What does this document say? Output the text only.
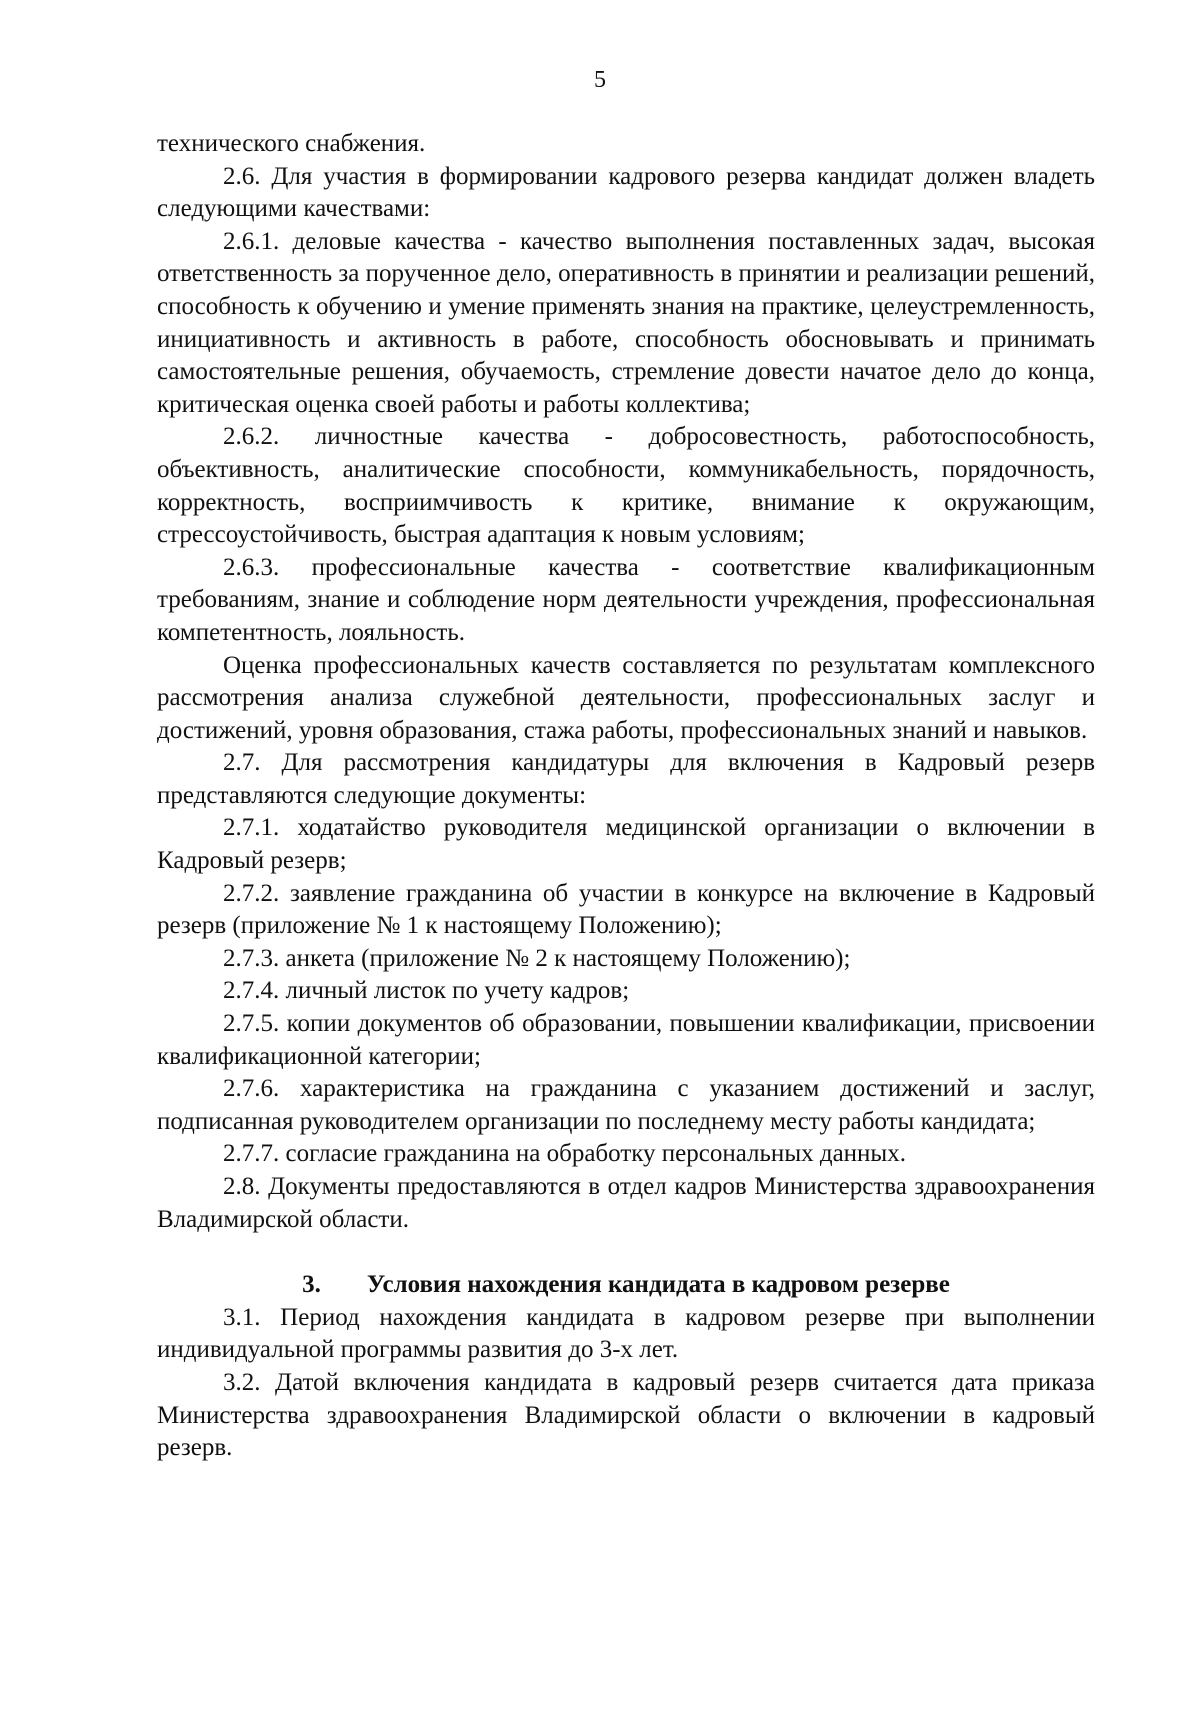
5

технического снабжения.

2.6. Для участия в формировании кадрового резерва кандидат должен владеть следующими качествами:

2.6.1. деловые качества - качество выполнения поставленных задач, высокая ответственность за порученное дело, оперативность в принятии и реализации решений, способность к обучению и умение применять знания на практике, целеустремленность, инициативность и активность в работе, способность обосновывать и принимать самостоятельные решения, обучаемость, стремление довести начатое дело до конца, критическая оценка своей работы и работы коллектива;

2.6.2. личностные качества - добросовестность, работоспособность, объективность, аналитические способности, коммуникабельность, порядочность, корректность, восприимчивость к критике, внимание к окружающим, стрессоустойчивость, быстрая адаптация к новым условиям;

2.6.3. профессиональные качества - соответствие квалификационным требованиям, знание и соблюдение норм деятельности учреждения, профессиональная компетентность, лояльность.

Оценка профессиональных качеств составляется по результатам комплексного рассмотрения анализа служебной деятельности, профессиональных заслуг и достижений, уровня образования, стажа работы, профессиональных знаний и навыков.

2.7. Для рассмотрения кандидатуры для включения в Кадровый резерв представляются следующие документы:

2.7.1. ходатайство руководителя медицинской организации о включении в Кадровый резерв;

2.7.2. заявление гражданина об участии в конкурсе на включение в Кадровый резерв (приложение № 1 к настоящему Положению);

2.7.3. анкета (приложение № 2 к настоящему Положению);

2.7.4. личный листок по учету кадров;

2.7.5. копии документов об образовании, повышении квалификации, присвоении квалификационной категории;

2.7.6. характеристика на гражданина с указанием достижений и заслуг, подписанная руководителем организации по последнему месту работы кандидата;

2.7.7. согласие гражданина на обработку персональных данных.

2.8. Документы предоставляются в отдел кадров Министерства здравоохранения Владимирской области.

3. Условия нахождения кандидата в кадровом резерве

3.1. Период нахождения кандидата в кадровом резерве при выполнении индивидуальной программы развития до 3-х лет.

3.2. Датой включения кандидата в кадровый резерв считается дата приказа Министерства здравоохранения Владимирской области о включении в кадровый резерв.
